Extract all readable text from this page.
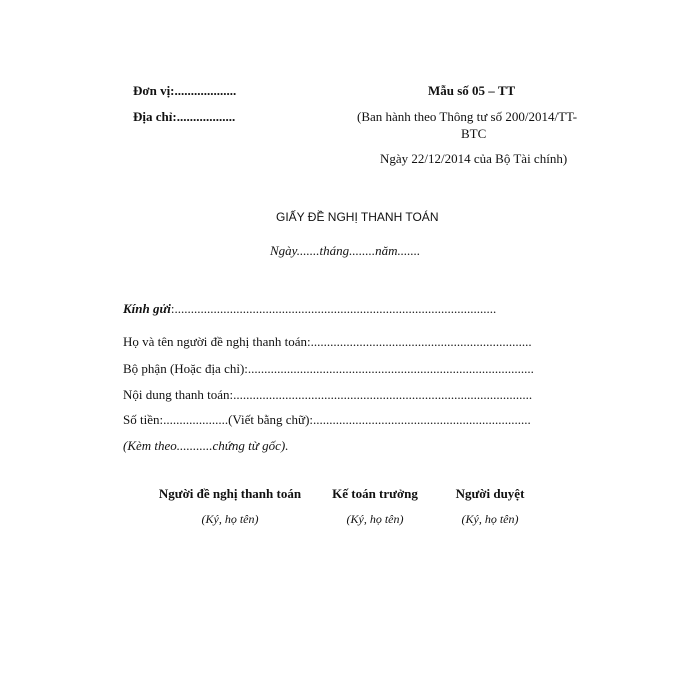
Đơn vị:...................
Địa chỉ:..................
Mẫu số 05 – TT
(Ban hành theo Thông tư số 200/2014/TT-
BTC
Ngày 22/12/2014 của Bộ Tài chính)
GIẤY ĐỀ NGHỊ THANH TOÁN
Ngày.......tháng........năm.......
Kính gửi:...................................................................................................
Họ và tên người đề nghị thanh toán:....................................................................
Bộ phận (Hoặc địa chỉ):........................................................................................
Nội dung thanh toán:............................................................................................
Số tiền:....................(Viết bằng chữ):...................................................................
(Kèm theo...........chứng từ gốc).
Người đề nghị thanh toán	Kế toán trưởng	Người duyệt
(Ký, họ tên)	(Ký, họ tên)	(Ký, họ tên)
